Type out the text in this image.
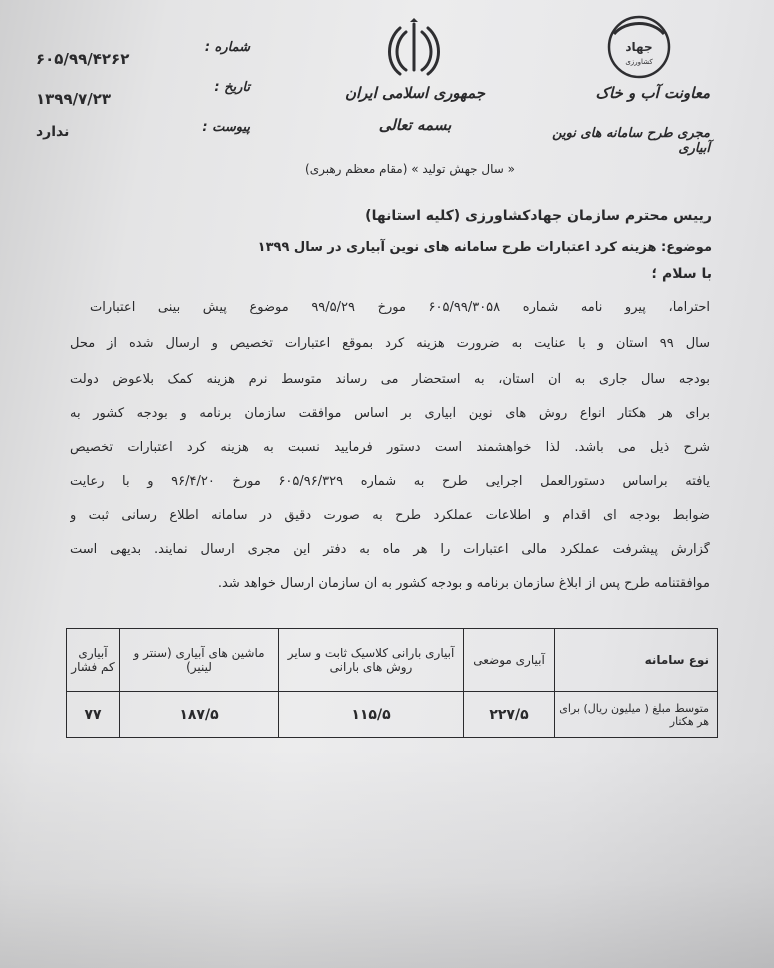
۶۰۵/۹۹/۴۲۶۲
شماره :
۱۳۹۹/۷/۲۳
تاریخ :
ندارد	پیوست :
جمهوری اسلامی ایران
بسمه تعالی
جهاد
کشاورزی
معاونت آب و خاک
مجری طرح سامانه های نوین آبیاری
« سال جهش تولید » (مقام معظم رهبری)
رییس محترم سازمان جهادکشاورزی (کلیه استانها)
موضوع: هزینه کرد اعتبارات طرح سامانه های نوین آبیاری در سال ۱۳۹۹
با سلام ؛
احتراماً، پیرو نامه شماره ۶۰۵/۹۹/۳۰۵۸ مورخ ۹۹/۵/۲۹ موضوع پیش بینی اعتبارات
سال ۹۹ استان و با عنایت به ضرورت هزینه کرد بموقع اعتبارات تخصیص و ارسال شده از محل
بودجه سال جاری به آن استان، به استحضار می رساند متوسط نرم هزینه کمک بلاعوض دولت
برای هر هکتار انواع روش های نوین آبیاری بر اساس موافقت سازمان برنامه و بودجه کشور به
شرح ذیل می باشد. لذا خواهشمند است دستور فرمایید نسبت به هزینه کرد اعتبارات تخصیص
یافته براساس دستورالعمل اجرایی طرح به شماره ۶۰۵/۹۶/۳۲۹ مورخ ۹۶/۴/۲۰ و با رعایت
ضوابط بودجه ای اقدام و اطلاعات عملکرد طرح به صورت دقیق در سامانه اطلاع رسانی ثبت و
گزارش پیشرفت عملکرد مالی اعتبارات را هر ماه به دفتر این مجری ارسال نمایند. بدیهی است
موافقتنامه طرح پس از ابلاغ سازمان برنامه و بودجه کشور به آن سازمان ارسال خواهد شد.
نوع سامانه	آبیاری موضعی	آبیاری بارانی کلاسیک ثابت و سایر روش های بارانی	ماشین های آبیاری (سنتر و لینیر)	آبیاری کم فشار
متوسط مبلغ ( میلیون ریال) برای هر هکتار	۲۲۷/۵	۱۱۵/۵	۱۸۷/۵	۷۷
